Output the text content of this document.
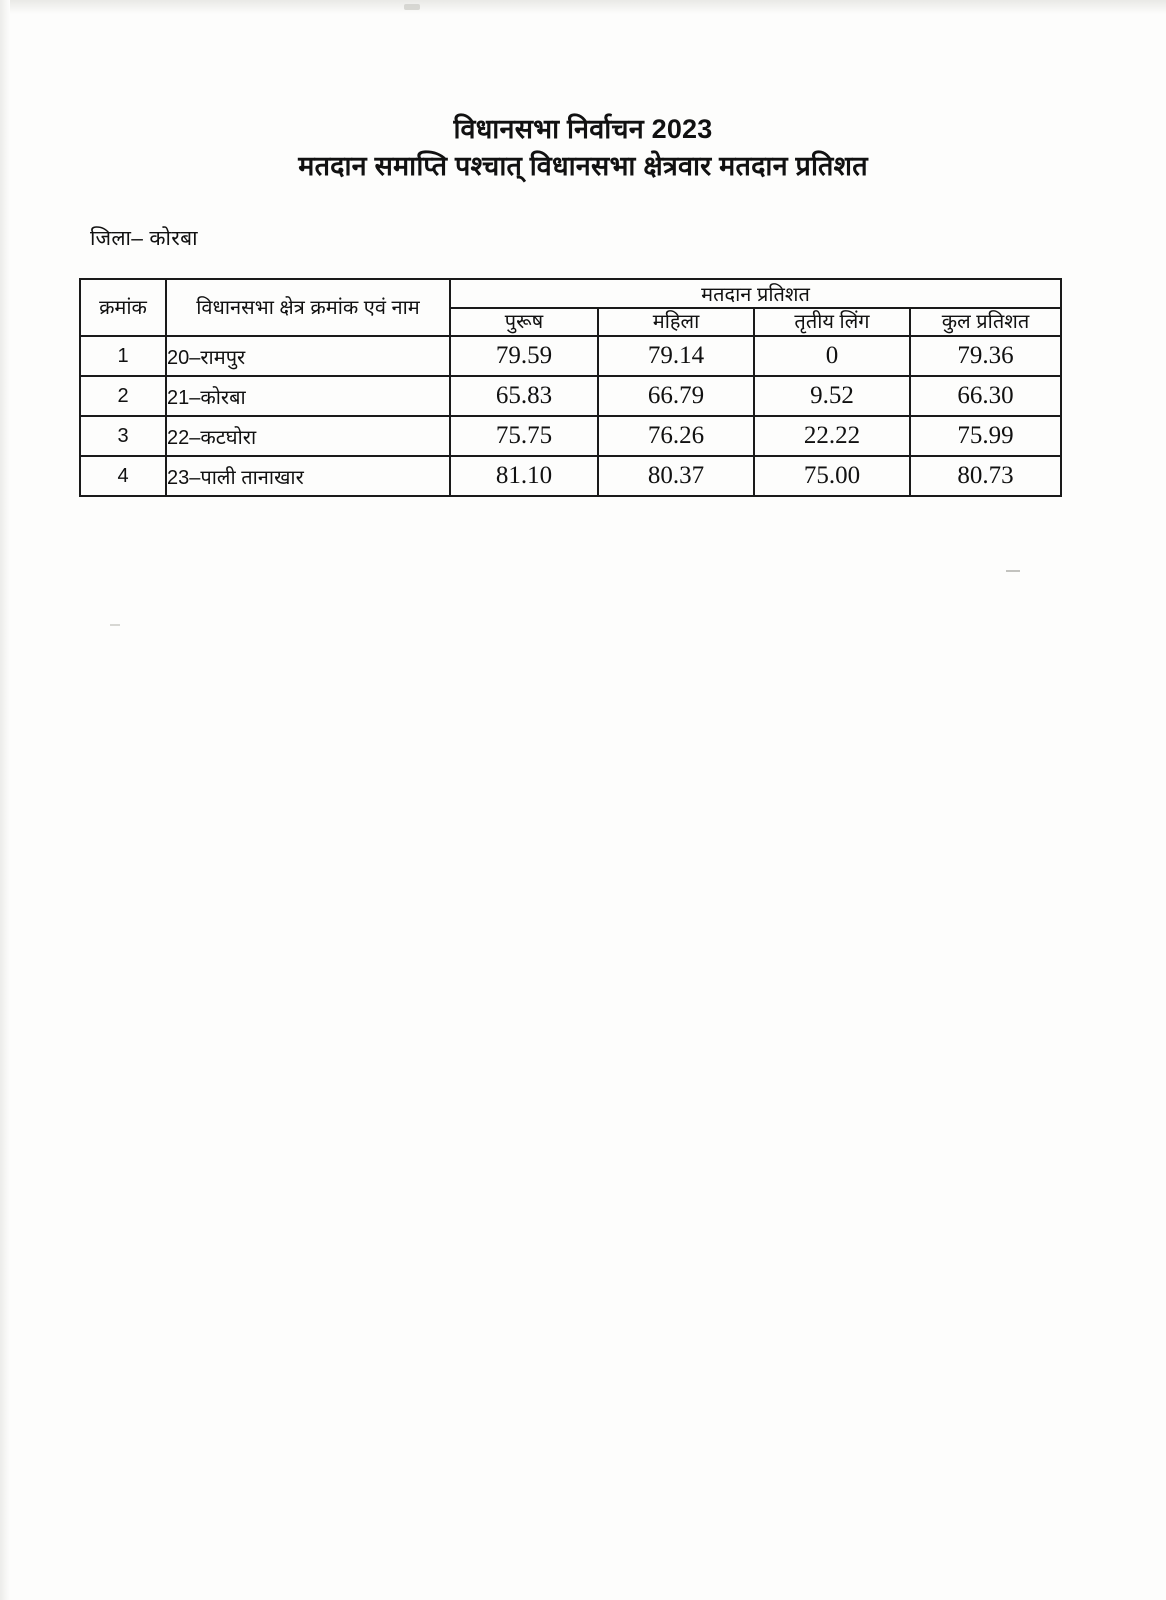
विधानसभा निर्वाचन 2023
मतदान समाप्ति पश्चात् विधानसभा क्षेत्रवार मतदान प्रतिशत
जिला– कोरबा
क्रमांक	विधानसभा क्षेत्र क्रमांक एवं नाम	मतदान प्रतिशत			
		पुरूष	महिला	तृतीय लिंग	कुल प्रतिशत
1	20–रामपुर	79.59	79.14	0	79.36
2	21–कोरबा	65.83	66.79	9.52	66.30
3	22–कटघोरा	75.75	76.26	22.22	75.99
4	23–पाली तानाखार	81.10	80.37	75.00	80.73
